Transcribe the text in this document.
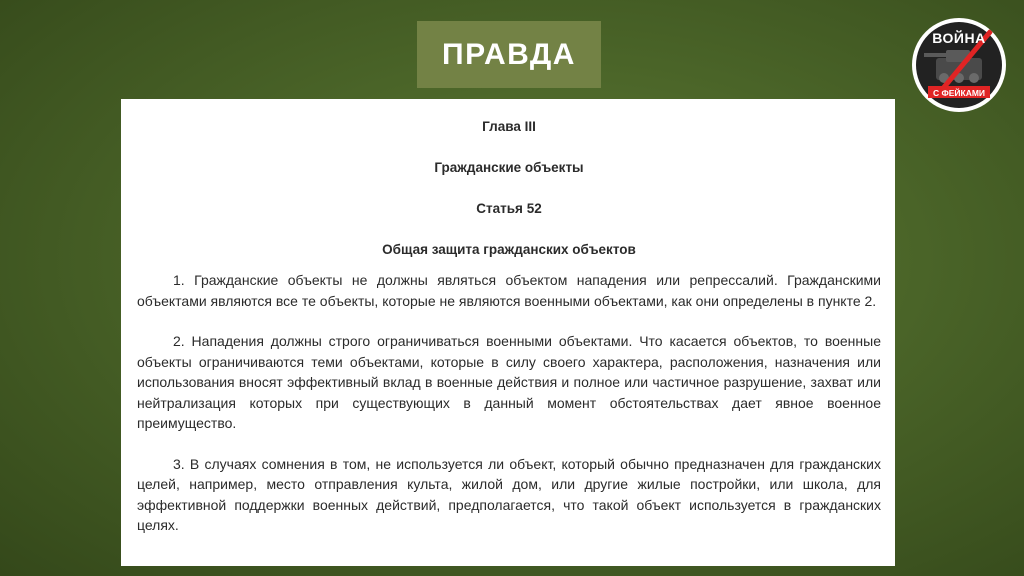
ПРАВДА	ВОЙНА
С ФЕЙКАМИ

Глава III

Гражданские объекты

Статья 52

Общая защита гражданских объектов

1. Гражданские объекты не должны являться объектом нападения или репрессалий. Гражданскими объектами являются все те объекты, которые не являются военными объектами, как они определены в пункте 2.

2. Нападения должны строго ограничиваться военными объектами. Что касается объектов, то военные объекты ограничиваются теми объектами, которые в силу своего характера, расположения, назначения или использования вносят эффективный вклад в военные действия и полное или частичное разрушение, захват или нейтрализация которых при существующих в данный момент обстоятельствах дает явное военное преимущество.

3. В случаях сомнения в том, не используется ли объект, который обычно предназначен для гражданских целей, например, место отправления культа, жилой дом, или другие жилые постройки, или школа, для эффективной поддержки военных действий, предполагается, что такой объект используется в гражданских целях.
